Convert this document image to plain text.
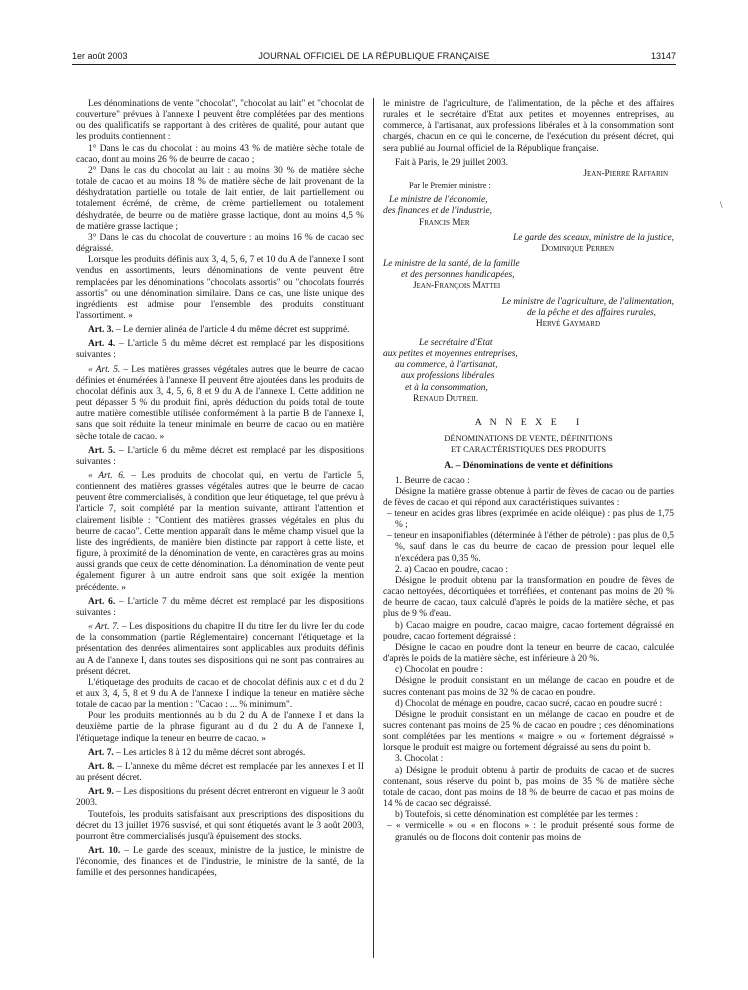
1er août 2003	JOURNAL OFFICIEL DE LA RÉPUBLIQUE FRANÇAISE	13147
\

Les dénominations de vente "chocolat", "chocolat au lait" et "chocolat de couverture" prévues à l'annexe I peuvent être complétées par des mentions ou des qualificatifs se rapportant à des critères de qualité, pour autant que les produits contiennent :

1° Dans le cas du chocolat : au moins 43 % de matière sèche totale de cacao, dont au moins 26 % de beurre de cacao ;

2° Dans le cas du chocolat au lait : au moins 30 % de matière sèche totale de cacao et au moins 18 % de matière sèche de lait provenant de la déshydratation partielle ou totale de lait entier, de lait partiellement ou totalement écrémé, de crème, de crème partiellement ou totalement déshydratée, de beurre ou de matière grasse lactique, dont au moins 4,5 % de matière grasse lactique ;

3° Dans le cas du chocolat de couverture : au moins 16 % de cacao sec dégraissé.

Lorsque les produits définis aux 3, 4, 5, 6, 7 et 10 du A de l'annexe I sont vendus en assortiments, leurs dénominations de vente peuvent être remplacées par les dénominations "chocolats assortis" ou "chocolats fourrés assortis" ou une dénomination similaire. Dans ce cas, une liste unique des ingrédients est admise pour l'ensemble des produits constituant l'assortiment. »

Art. 3. – Le dernier alinéa de l'article 4 du même décret est supprimé.

Art. 4. – L'article 5 du même décret est remplacé par les dispositions suivantes :

« Art. 5. – Les matières grasses végétales autres que le beurre de cacao définies et énumérées à l'annexe II peuvent être ajoutées dans les produits de chocolat définis aux 3, 4, 5, 6, 8 et 9 du A de l'annexe I. Cette addition ne peut dépasser 5 % du produit fini, après déduction du poids total de toute autre matière comestible utilisée conformément à la partie B de l'annexe I, sans que soit réduite la teneur minimale en beurre de cacao ou en matière sèche totale de cacao. »

Art. 5. – L'article 6 du même décret est remplacé par les dispositions suivantes :

« Art. 6. – Les produits de chocolat qui, en vertu de l'article 5, contiennent des matières grasses végétales autres que le beurre de cacao peuvent être commercialisés, à condition que leur étiquetage, tel que prévu à l'article 7, soit complété par la mention suivante, attirant l'attention et clairement lisible : "Contient des matières grasses végétales en plus du beurre de cacao". Cette mention apparaît dans le même champ visuel que la liste des ingrédients, de manière bien distincte par rapport à cette liste, et figure, à proximité de la dénomination de vente, en caractères gras au moins aussi grands que ceux de cette dénomination. La dénomination de vente peut également figurer à un autre endroit sans que soit exigée la mention précédente. »

Art. 6. – L'article 7 du même décret est remplacé par les dispositions suivantes :

« Art. 7. – Les dispositions du chapitre II du titre Ier du livre Ier du code de la consommation (partie Réglementaire) concernant l'étiquetage et la présentation des denrées alimentaires sont applicables aux produits définis au A de l'annexe I, dans toutes ses dispositions qui ne sont pas contraires au présent décret.

L'étiquetage des produits de cacao et de chocolat définis aux c et d du 2 et aux 3, 4, 5, 8 et 9 du A de l'annexe I indique la teneur en matière sèche totale de cacao par la mention : "Cacao : ... % minimum".

Pour les produits mentionnés au b du 2 du A de l'annexe I et dans la deuxième partie de la phrase figurant au d du 2 du A de l'annexe I, l'étiquetage indique la teneur en beurre de cacao. »

Art. 7. – Les articles 8 à 12 du même décret sont abrogés.

Art. 8. – L'annexe du même décret est remplacée par les annexes I et II au présent décret.

Art. 9. – Les dispositions du présent décret entreront en vigueur le 3 août 2003.

Toutefois, les produits satisfaisant aux prescriptions des dispositions du décret du 13 juillet 1976 susvisé, et qui sont étiquetés avant le 3 août 2003, pourront être commercialisés jusqu'à épuisement des stocks.

Art. 10. – Le garde des sceaux, ministre de la justice, le ministre de l'économie, des finances et de l'industrie, le ministre de la santé, de la famille et des personnes handicapées,

le ministre de l'agriculture, de l'alimentation, de la pêche et des affaires rurales et le secrétaire d'Etat aux petites et moyennes entreprises, au commerce, à l'artisanat, aux professions libérales et à la consommation sont chargés, chacun en ce qui le concerne, de l'exécution du présent décret, qui sera publié au Journal officiel de la République française.

Fait à Paris, le 29 juillet 2003.

Jean-Pierre Raffarin

Par le Premier ministre :

Le ministre de l'économie,

des finances et de l'industrie,

Francis Mer

Le garde des sceaux, ministre de la justice,

Dominique Perben

Le ministre de la santé, de la famille

et des personnes handicapées,

Jean-François Mattei

Le ministre de l'agriculture, de l'alimentation,

de la pêche et des affaires rurales,

Hervé Gaymard

Le secrétaire d'Etat

aux petites et moyennes entreprises,

au commerce, à l'artisanat,

aux professions libérales

et à la consommation,

Renaud Dutreil

A N N E X E   I

DÉNOMINATIONS DE VENTE, DÉFINITIONS

ET CARACTÉRISTIQUES DES PRODUITS

A. – Dénominations de vente et définitions

1. Beurre de cacao :

Désigne la matière grasse obtenue à partir de fèves de cacao ou de parties de fèves de cacao et qui répond aux caractéristiques suivantes :

– teneur en acides gras libres (exprimée en acide oléique) : pas plus de 1,75 % ;

– teneur en insaponifiables (déterminée à l'éther de pétrole) : pas plus de 0,5 %, sauf dans le cas du beurre de cacao de pression pour lequel elle n'excédera pas 0,35 %.

2. a) Cacao en poudre, cacao :

Désigne le produit obtenu par la transformation en poudre de fèves de cacao nettoyées, décortiquées et torréfiées, et contenant pas moins de 20 % de beurre de cacao, taux calculé d'après le poids de la matière sèche, et pas plus de 9 % d'eau.

b) Cacao maigre en poudre, cacao maigre, cacao fortement dégraissé en poudre, cacao fortement dégraissé :

Désigne le cacao en poudre dont la teneur en beurre de cacao, calculée d'après le poids de la matière sèche, est inférieure à 20 %.

c) Chocolat en poudre :

Désigne le produit consistant en un mélange de cacao en poudre et de sucres contenant pas moins de 32 % de cacao en poudre.

d) Chocolat de ménage en poudre, cacao sucré, cacao en poudre sucré :

Désigne le produit consistant en un mélange de cacao en poudre et de sucres contenant pas moins de 25 % de cacao en poudre ; ces dénominations sont complétées par les mentions « maigre » ou « fortement dégraissé » lorsque le produit est maigre ou fortement dégraissé au sens du point b.

3. Chocolat :

a) Désigne le produit obtenu à partir de produits de cacao et de sucres contenant, sous réserve du point b, pas moins de 35 % de matière sèche totale de cacao, dont pas moins de 18 % de beurre de cacao et pas moins de 14 % de cacao sec dégraissé.

b) Toutefois, si cette dénomination est complétée par les termes :

– « vermicelle » ou « en flocons » : le produit présenté sous forme de granulés ou de flocons doit contenir pas moins de
